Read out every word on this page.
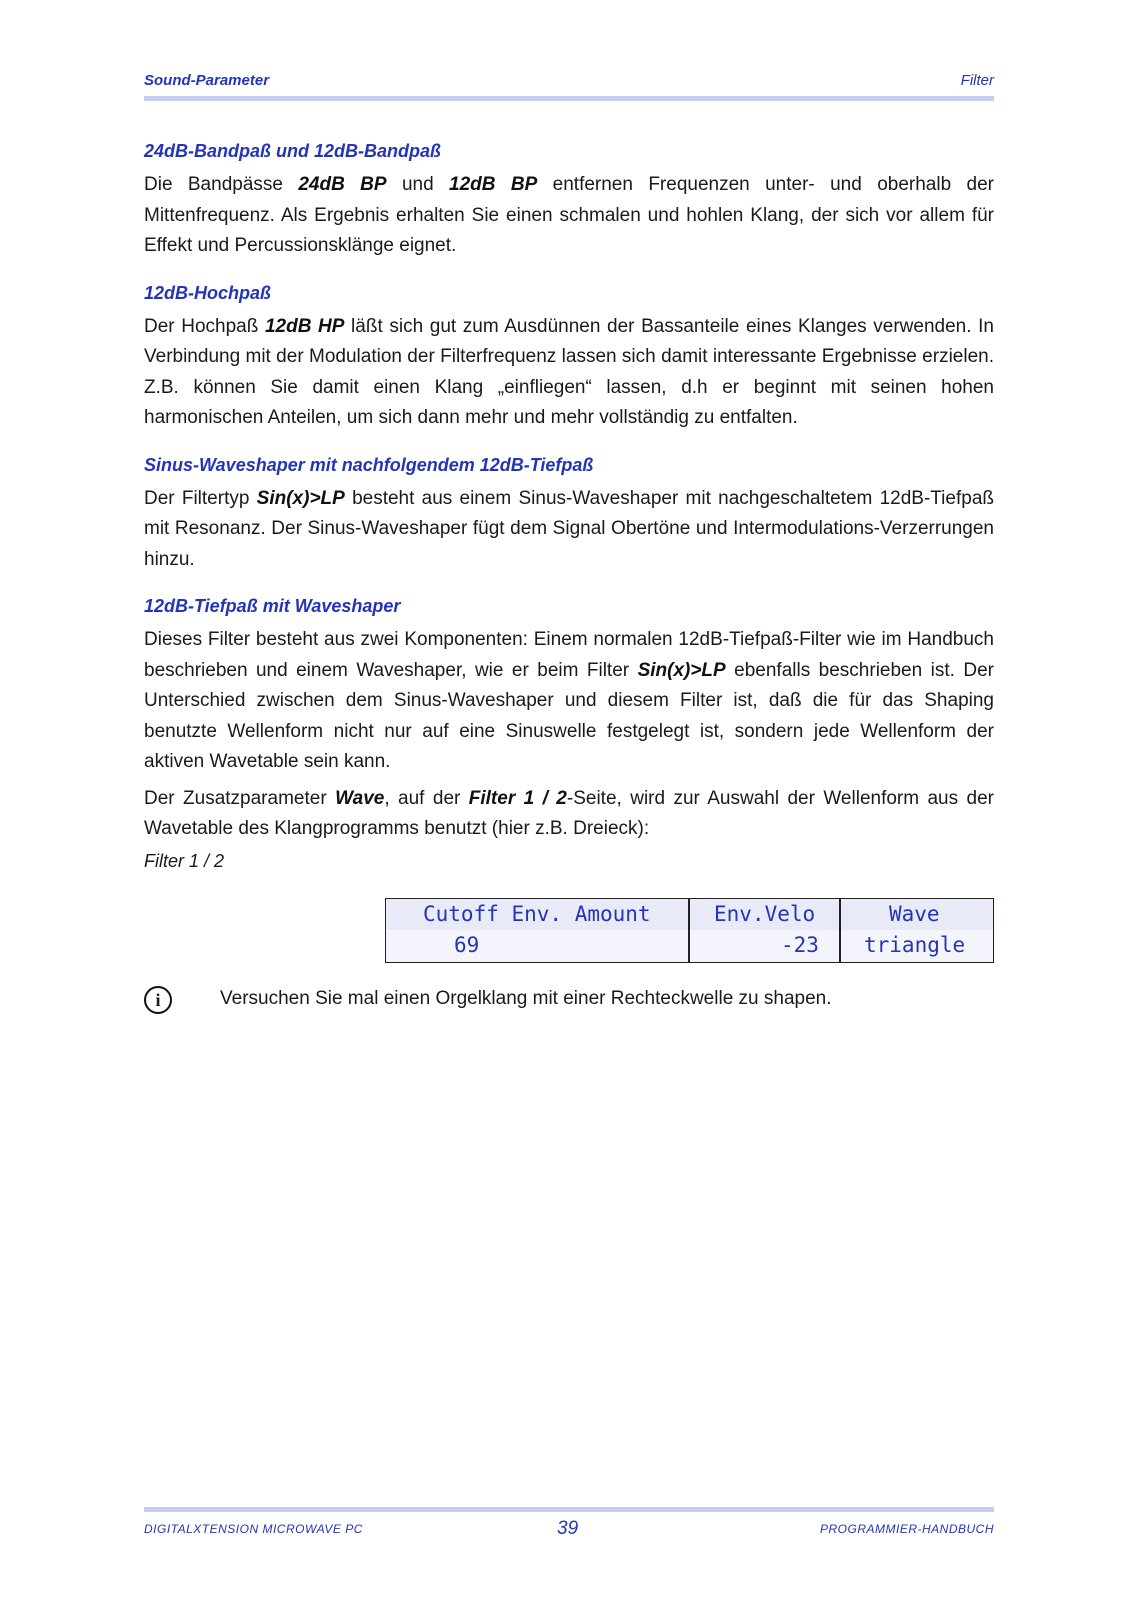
Sound-Parameter	Filter
24dB-Bandpaß und 12dB-Bandpaß

Die Bandpässe 24dB BP und 12dB BP entfernen Frequenzen unter- und oberhalb der Mittenfrequenz. Als Ergebnis erhalten Sie einen schmalen und hohlen Klang, der sich vor allem für Effekt und Percussionsklänge eignet.

12dB-Hochpaß

Der Hochpaß 12dB HP läßt sich gut zum Ausdünnen der Bassanteile eines Klanges verwenden. In Verbindung mit der Modulation der Filterfrequenz lassen sich damit interessante Ergebnisse erzielen. Z.B. können Sie damit einen Klang „einfliegen“ lassen, d.h er beginnt mit seinen hohen harmonischen Anteilen, um sich dann mehr und mehr vollständig zu entfalten.

Sinus-Waveshaper mit nachfolgendem 12dB-Tiefpaß

Der Filtertyp Sin(x)>LP besteht aus einem Sinus-Waveshaper mit nachgeschaltetem 12dB-Tiefpaß mit Resonanz. Der Sinus-Waveshaper fügt dem Signal Obertöne und Intermodulations-Verzerrungen hinzu.

12dB-Tiefpaß mit Waveshaper

Dieses Filter besteht aus zwei Komponenten: Einem normalen 12dB-Tiefpaß-Filter wie im Handbuch beschrieben und einem Waveshaper, wie er beim Filter Sin(x)>LP ebenfalls beschrieben ist. Der Unterschied zwischen dem Sinus-Waveshaper und diesem Filter ist, daß die für das Shaping benutzte Wellenform nicht nur auf eine Sinuswelle festgelegt ist, sondern jede Wellenform der aktiven Wavetable sein kann.

Der Zusatzparameter Wave, auf der Filter 1 / 2-Seite, wird zur Auswahl der Wellenform aus der Wavetable des Klangprogramms benutzt (hier z.B. Dreieck):

Filter 1 / 2
Cutoff Env. Amount	Env.Velo	Wave
69	-23 triangle
i	Versuchen Sie mal einen Orgelklang mit einer Rechteckwelle zu shapen.
DIGITALXTENSION MICROWAVE PC	39	PROGRAMMIER-HANDBUCH
